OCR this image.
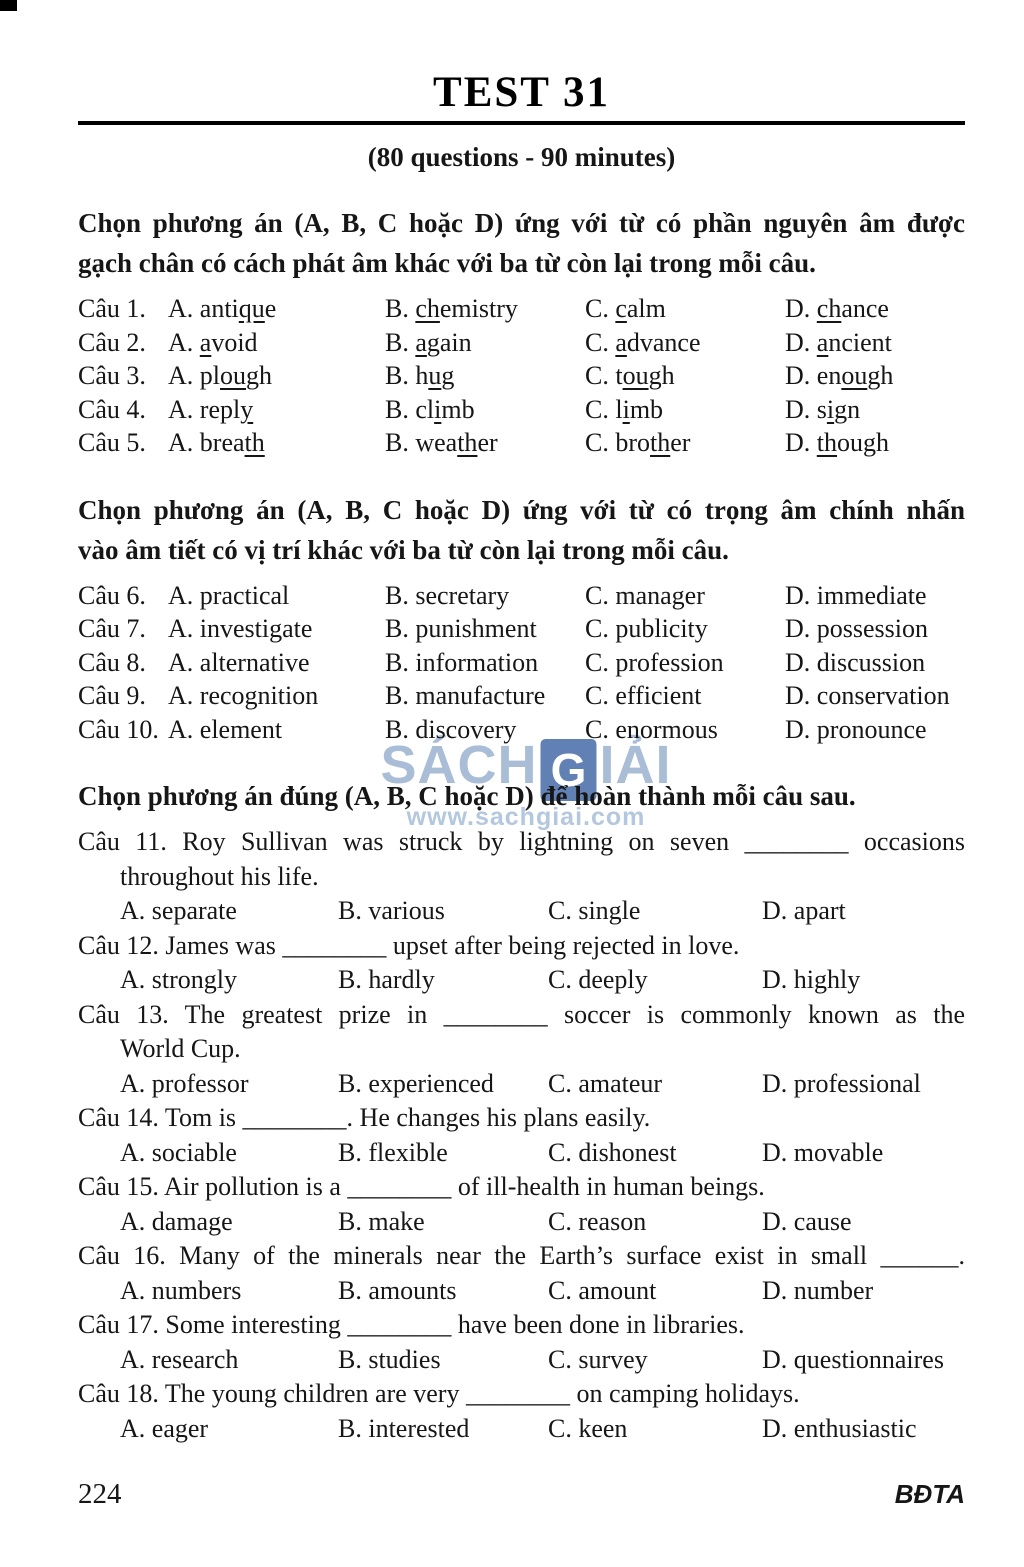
SÁCH G IẢI
www.sachgiai.com
TEST 31
(80 questions - 90 minutes)
Chọn phương án (A, B, C hoặc D) ứng với từ có phần nguyên âm được
gạch chân có cách phát âm khác với ba từ còn lại trong mỗi câu.
Câu 1. A. antique	B. chemistry	C. calm	D. chance
Câu 2. A. avoid	B. again	C. advance	D. ancient
Câu 3. A. plough	B. hug	C. tough	D. enough
Câu 4. A. reply	B. climb	C. limb	D. sign
Câu 5. A. breath	B. weather	C. brother	D. though
Chọn phương án (A, B, C hoặc D) ứng với từ có trọng âm chính nhấn
vào âm tiết có vị trí khác với ba từ còn lại trong mỗi câu.
Câu 6. A. practical	B. secretary	C. manager	D. immediate
Câu 7. A. investigate	B. punishment	C. publicity	D. possession
Câu 8. A. alternative	B. information	C. profession	D. discussion
Câu 9. A. recognition	B. manufacture	C. efficient	D. conservation
Câu 10. A. element	B. discovery	C. enormous	D. pronounce
Chọn phương án đúng (A, B, C hoặc D) để hoàn thành mỗi câu sau.
Câu 11. Roy Sullivan was struck by lightning on seven ________ occasions
throughout his life.
A. separate	B. various	C. single	D. apart
Câu 12. James was ________ upset after being rejected in love.
A. strongly	B. hardly	C. deeply	D. highly
Câu 13. The greatest prize in ________ soccer is commonly known as the
World Cup.
A. professor	B. experienced	C. amateur	D. professional
Câu 14. Tom is ________. He changes his plans easily.
A. sociable	B. flexible	C. dishonest	D. movable
Câu 15. Air pollution is a ________ of ill-health in human beings.
A. damage	B. make	C. reason	D. cause
Câu 16. Many of the minerals near the Earth’s surface exist in small ______.
A. numbers	B. amounts	C. amount	D. number
Câu 17. Some interesting ________ have been done in libraries.
A. research	B. studies	C. survey	D. questionnaires
Câu 18. The young children are very ________ on camping holidays.
A. eager	B. interested	C. keen	D. enthusiastic
224	BĐTA
